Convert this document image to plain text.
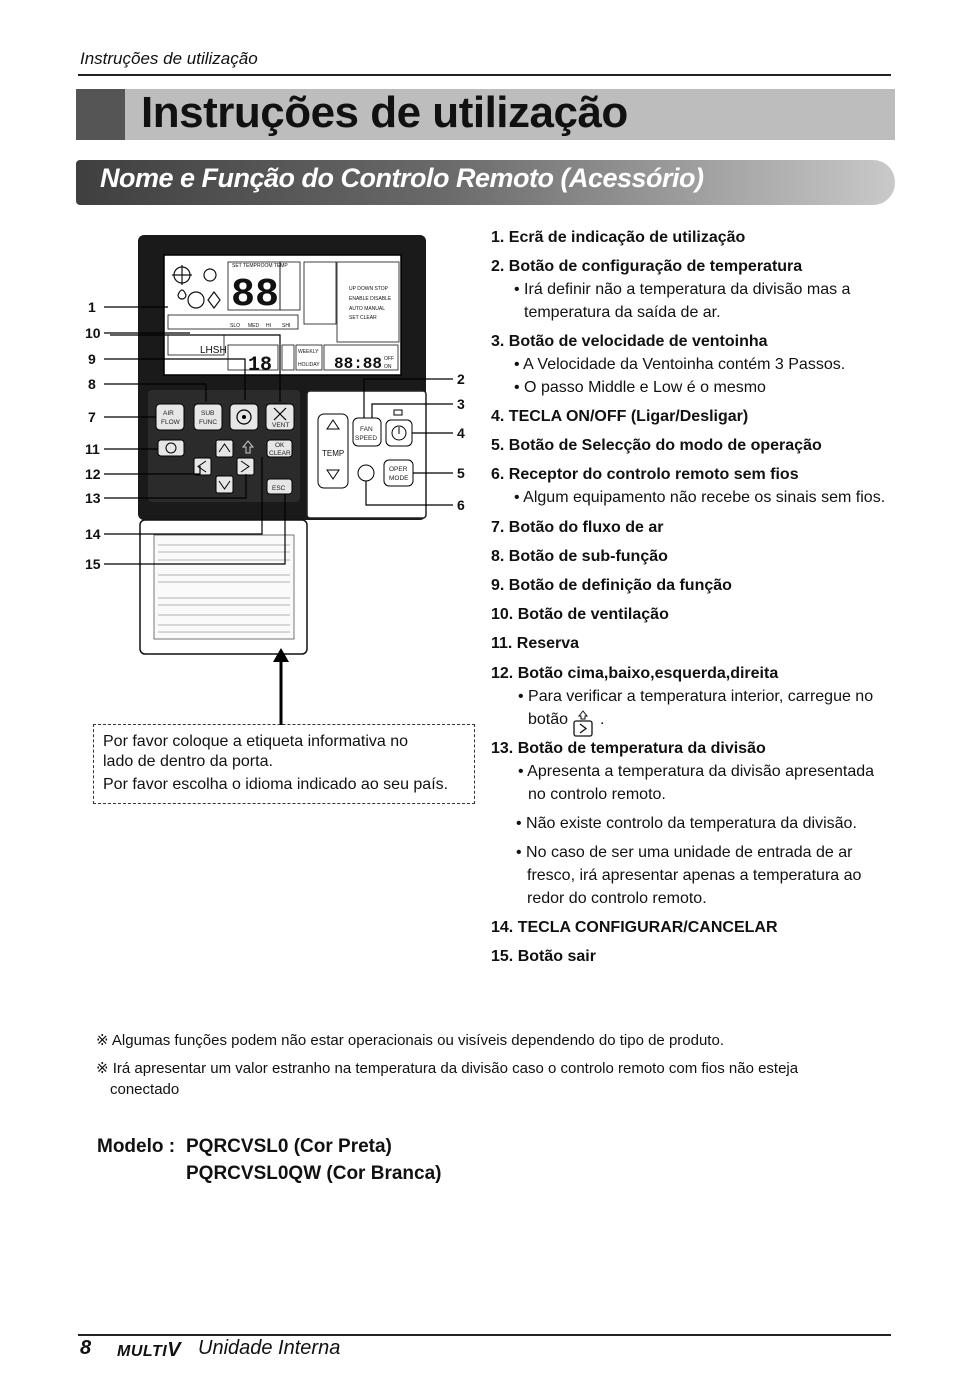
Instruções de utilização
Instruções de utilização
Nome e Função do Controlo Remoto (Acessório)
88
18	88:88
SET TEMP ROOM TEMP
UP DOWN STOP
ENABLE DISABLE
AUTO MANUAL
SET CLEAR
SLO MED HI SHI
WEEKLY
HOLIDAY
OFF
ON
LHSH
AIR
FLOW
SUB
FUNC	VENT
OK
CLEAR
ESC
TEMP
FAN
SPEED
OPER
MODE
1
10
9
8
7
11
12
13
14
15
2
3
4
5
6
Por favor coloque a etiqueta informativa no
lado de dentro da porta.
Por favor escolha o idioma indicado ao seu país.
1. Ecrã de indicação de utilização
2. Botão de configuração de temperatura
• Irá definir não a temperatura da divisão mas a
temperatura da saída de ar.
3. Botão de velocidade de ventoinha
• A Velocidade da Ventoinha contém 3 Passos.
• O passo Middle e Low é o mesmo
4. TECLA ON/OFF (Ligar/Desligar)
5. Botão de Selecção do modo de operação
6. Receptor do controlo remoto sem fios
• Algum equipamento não recebe os sinais sem fios.
7. Botão do fluxo de ar
8. Botão de sub-função
9. Botão de definição da função
10. Botão de ventilação
11. Reserva
12. Botão cima,baixo,esquerda,direita
• Para verificar a temperatura interior, carregue no
botão .
13. Botão de temperatura da divisão
• Apresenta a temperatura da divisão apresentada
no controlo remoto.
• Não existe controlo da temperatura da divisão.
• No caso de ser uma unidade de entrada de ar
fresco, irá apresentar apenas a temperatura ao
redor do controlo remoto.
14. TECLA CONFIGURAR/CANCELAR
15. Botão sair
※ Algumas funções podem não estar operacionais ou visíveis dependendo do tipo de produto.
※ Irá apresentar um valor estranho na temperatura da divisão caso o controlo remoto com fios não esteja
conectado
Modelo : PQRCVSL0 (Cor Preta)
PQRCVSL0QW (Cor Branca)
8 MULTIV Unidade Interna
